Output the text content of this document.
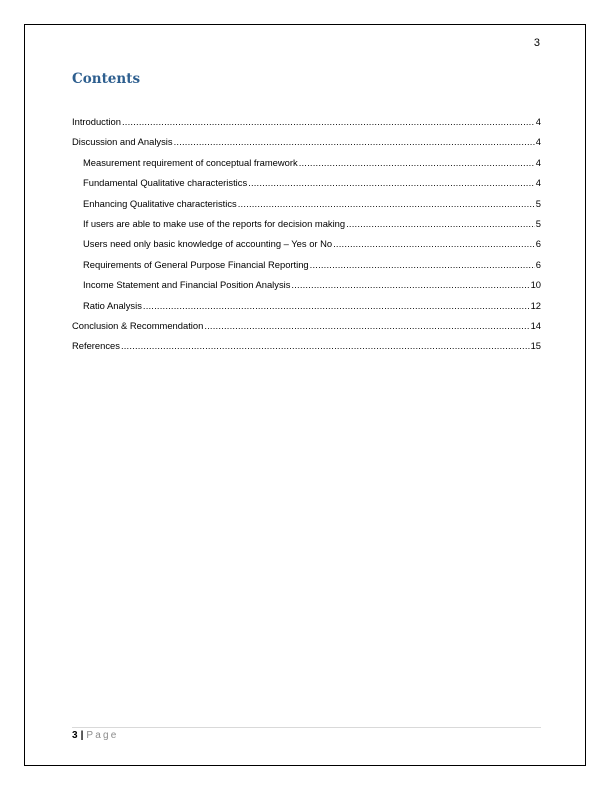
3
Contents
Introduction .....	4
Discussion and Analysis .....	4
Measurement requirement of conceptual framework .....	4
Fundamental Qualitative characteristics .....	4
Enhancing Qualitative characteristics .....	5
If users are able to make use of the reports for decision making .....	5
Users need only basic knowledge of accounting – Yes or No .....	6
Requirements of General Purpose Financial Reporting .....	6
Income Statement and Financial Position Analysis .....	10
Ratio Analysis .....	12
Conclusion & Recommendation .....	14
References .....	15
3 | Page
